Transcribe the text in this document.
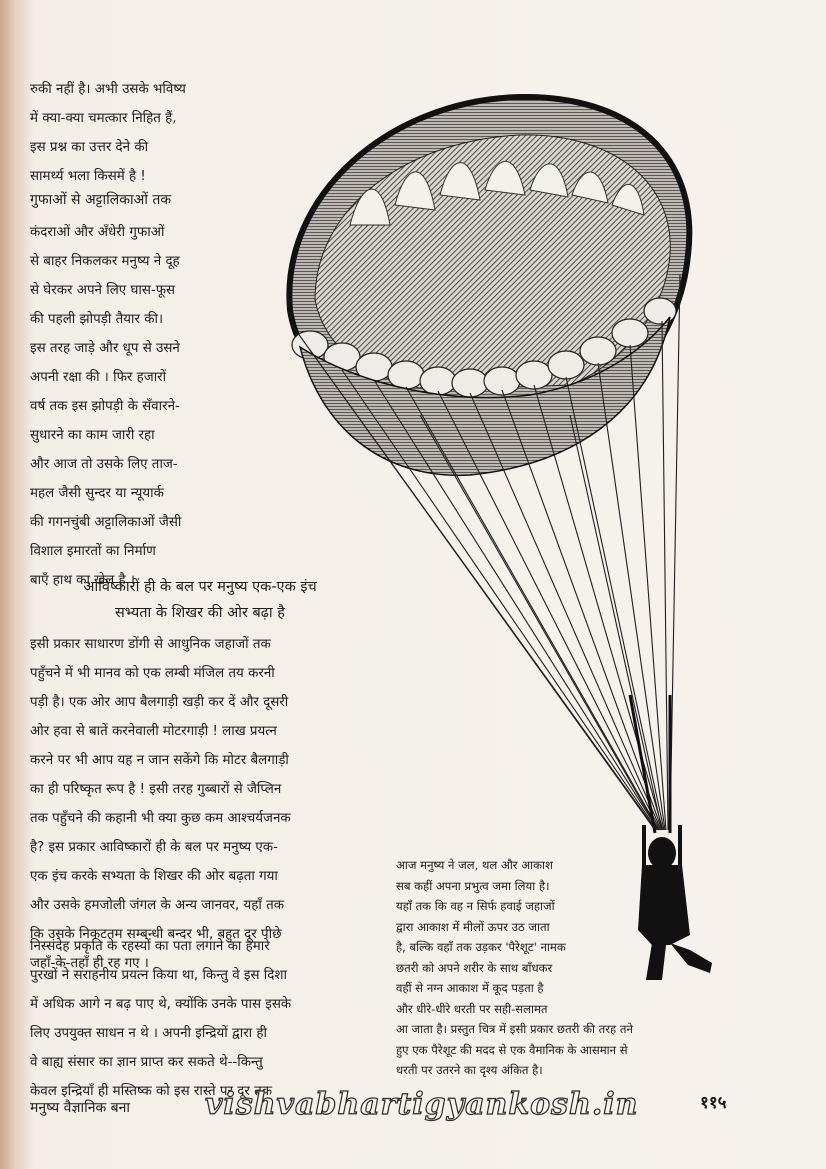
रुकी नहीं है। अभी उसके भविष्य
में क्या-क्या चमत्कार निहित हैं,
इस प्रश्न का उत्तर देने की
सामर्थ्य भला किसमें है !
गुफाओं से अट्टालिकाओं तक
कंदराओं और अँधेरी गुफाओं
से बाहर निकलकर मनुष्य ने दूह
से घेरकर अपने लिए घास-फूस
की पहली झोपड़ी तैयार की।
इस तरह जाड़े और धूप से उसने
अपनी रक्षा की । फिर हजारों
वर्ष तक इस झोपड़ी के सँवारने-
सुधारने का काम जारी रहा
और आज तो उसके लिए ताज-
महल जैसी सुन्दर या न्यूयार्क
की गगनचुंबी अट्टालिकाओं जैसी
विशाल इमारतों का निर्माण
बाएँ हाथ का खेल है ।
आविष्कारों ही के बल पर मनुष्य एक-एक इंच
सभ्यता के शिखर की ओर बढ़ा है
इसी प्रकार साधारण डोंगी से आधुनिक जहाजों तक
पहुँचने में भी मानव को एक लम्बी मंजिल तय करनी
पड़ी है। एक ओर आप बैलगाड़ी खड़ी कर दें और दूसरी
ओर हवा से बातें करनेवाली मोटरगाड़ी ! लाख प्रयत्न
करने पर भी आप यह न जान सकेंगे कि मोटर बैलगाड़ी
का ही परिष्कृत रूप है ! इसी तरह गुब्बारों से जैप्लिन
तक पहुँचने की कहानी भी क्या कुछ कम आश्चर्यजनक
है? इस प्रकार आविष्कारों ही के बल पर मनुष्य एक-
एक इंच करके सभ्यता के शिखर की ओर बढ़ता गया
और उसके हमजोली जंगल के अन्य जानवर, यहाँ तक
कि उसके निकटतम सम्बन्धी बन्दर भी, बहुत दूर पीछे
जहाँ-के-तहाँ ही रह गए ।
निस्संदेह प्रकृति के रहस्यों का पता लगाने का हमारे
पुरखों ने सराहनीय प्रयत्न किया था, किन्तु वे इस दिशा
में अधिक आगे न बढ़ पाए थे, क्योंकि उनके पास इसके
लिए उपयुक्त साधन न थे । अपनी इन्द्रियों द्वारा ही
वे बाह्य संसार का ज्ञान प्राप्त कर सकते थे--किन्तु
केवल इन्द्रियाँ ही मस्तिष्क को इस रास्ते पर दूर तक
आज मनुष्य ने जल, थल और आकाश
सब कहीं अपना प्रभुत्व जमा लिया है।
यहाँ तक कि वह न सिर्फ हवाई जहाजों
द्वारा आकाश में मीलों ऊपर उठ जाता
है, बल्कि वहाँ तक उड़कर 'पैरेशूट' नामक
छतरी को अपने शरीर के साथ बाँधकर
वहीं से नग्न आकाश में कूद पड़ता है
और धीरे-धीरे धरती पर सही-सलामत
आ जाता है। प्रस्तुत चित्र में इसी प्रकार छतरी की तरह तने
हुए एक पैरेशूट की मदद से एक वैमानिक के आसमान से
धरती पर उतरने का दृश्य अंकित है।
मनुष्य वैज्ञानिक बना vishvabhartigyankosh.in	११५
